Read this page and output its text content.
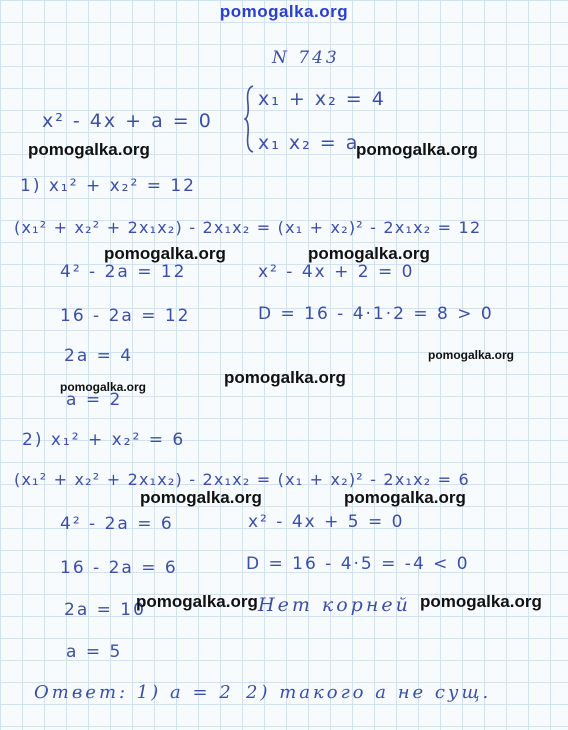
pomogalka.org
N 743
x² - 4x + a = 0
x₁ + x₂ = 4
x₁ x₂ = a
pomogalka.org	pomogalka.org
1) x₁² + x₂² = 12
(x₁² + x₂² + 2x₁x₂) - 2x₁x₂ = (x₁ + x₂)² - 2x₁x₂ = 12
pomogalka.org	pomogalka.org
4² - 2a = 12	x² - 4x + 2 = 0
16 - 2a = 12	D = 16 - 4·1·2 = 8 > 0
2a = 4	pomogalka.org
pomogalka.org
pomogalka.org
a = 2
2) x₁² + x₂² = 6
(x₁² + x₂² + 2x₁x₂) - 2x₁x₂ = (x₁ + x₂)² - 2x₁x₂ = 6
pomogalka.org	pomogalka.org
4² - 2a = 6	x² - 4x + 5 = 0
16 - 2a = 6	D = 16 - 4·5 = -4 < 0
2a = 10
pomogalka.org Нет корней pomogalka.org
a = 5
Ответ: 1) a = 2 2) такого a не сущ.
